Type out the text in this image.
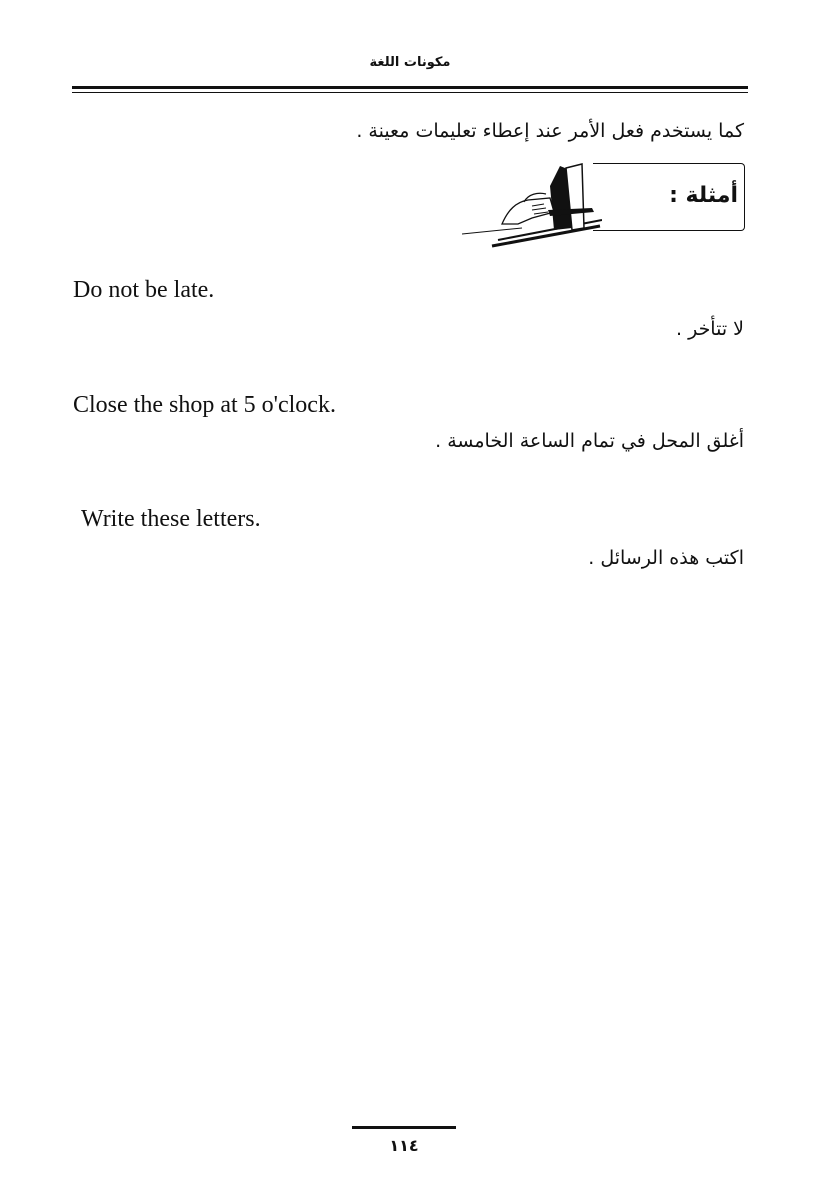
مكونات اللغة
كما يستخدم فعل الأمر عند إعطاء تعليمات معينة .
أمثلة :
Do not be late.
لا تتأخر .
Close the shop at 5 o'clock.
أغلق المحل في تمام الساعة الخامسة .
Write these letters.
اكتب هذه الرسائل .
١١٤
